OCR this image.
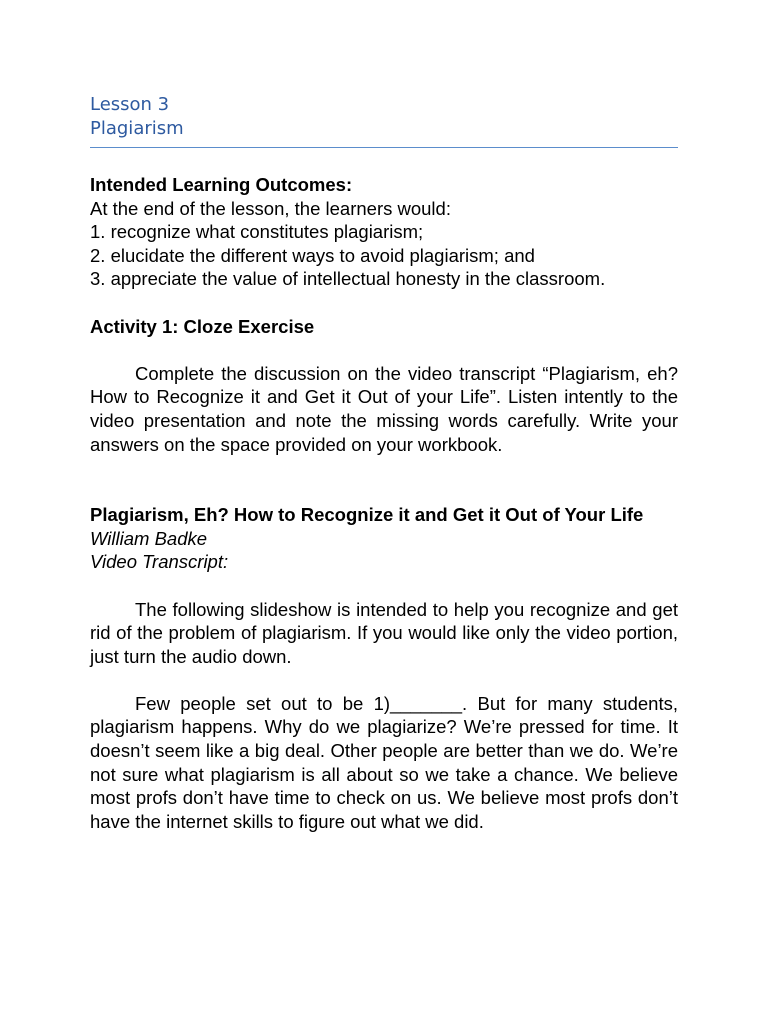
Lesson 3
Plagiarism

Intended Learning Outcomes:

At the end of the lesson, the learners would:

1. recognize what constitutes plagiarism;

2. elucidate the different ways to avoid plagiarism; and

3. appreciate the value of intellectual honesty in the classroom.

Activity 1: Cloze Exercise

Complete the discussion on the video transcript “Plagiarism, eh? How to Recognize it and Get it Out of your Life”. Listen intently to the video presentation and note the missing words carefully. Write your answers on the space provided on your workbook.

Plagiarism, Eh? How to Recognize it and Get it Out of Your Life

William Badke

Video Transcript:

The following slideshow is intended to help you recognize and get rid of the problem of plagiarism. If you would like only the video portion, just turn the audio down.

Few people set out to be 1)_______. But for many students, plagiarism happens. Why do we plagiarize? We’re pressed for time. It doesn’t seem like a big deal. Other people are better than we do. We’re not sure what plagiarism is all about so we take a chance. We believe most profs don’t have time to check on us. We believe most profs don’t have the internet skills to figure out what we did.
